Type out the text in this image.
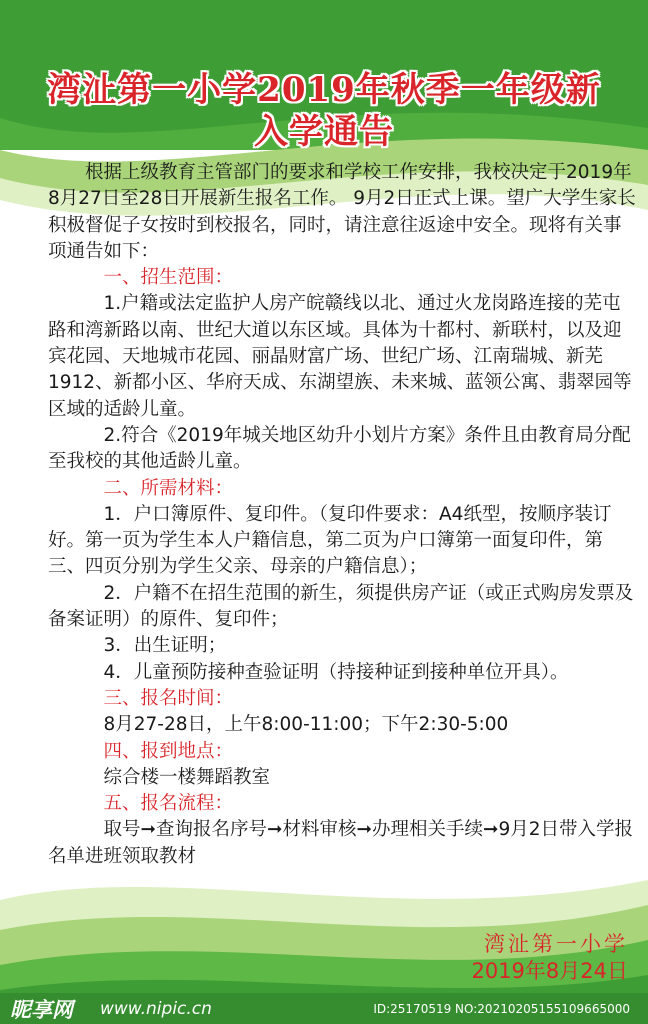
湾沚第一小学2019年秋季一年级新
入学通告

根据上级教育主管部门的要求和学校工作安排，我校决定于2019年8月27日至28日开展新生报名工作。 9月2日正式上课。望广大学生家长积极督促子女按时到校报名，同时，请注意往返途中安全。现将有关事项通告如下：

一、招生范围：

1.户籍或法定监护人房产皖赣线以北、通过火龙岗路连接的芜屯路和湾新路以南、世纪大道以东区域。具体为十都村、新联村，以及迎宾花园、天地城市花园、丽晶财富广场、世纪广场、江南瑞城、新芜1912、新都小区、华府天成、东湖望族、未来城、蓝领公寓、翡翠园等区域的适龄儿童。

2.符合《2019年城关地区幼升小划片方案》条件且由教育局分配至我校的其他适龄儿童。

二、所需材料：

1．户口簿原件、复印件。（复印件要求：A4纸型，按顺序装订好。第一页为学生本人户籍信息，第二页为户口簿第一面复印件，第三、四页分别为学生父亲、母亲的户籍信息）；

2．户籍不在招生范围的新生，须提供房产证（或正式购房发票及备案证明）的原件、复印件；

3．出生证明；

4．儿童预防接种查验证明（持接种证到接种单位开具）。

三、报名时间：

8月27-28日，上午8:00-11:00；下午2:30-5:00

四、报到地点：

综合楼一楼舞蹈教室

五、报名流程：

取号➞查询报名序号➞材料审核➞办理相关手续➞9月2日带入学报名单进班领取教材

湾沚第一小学
2019年8月24日
昵享网 www.nipic.cn	ID:25170519 NO:20210205155109665000
